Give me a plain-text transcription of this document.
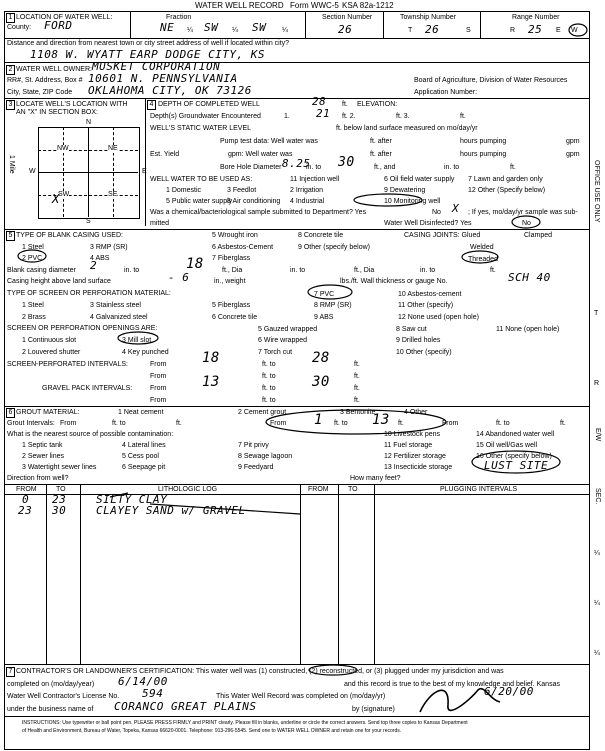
WATER WELL RECORD Form WWC-5 KSA 82a-1212
1 LOCATION OF WATER WELL:
County: FORD
Fraction
NE ¼ SW ¼ SW ¼
Section Number
26
Township Number
T 26	S
Range Number
R 25 E W
Distance and direction from nearest town or city street address of well if located within city?
1108 W. WYATT EARP DODGE CITY, KS
2 WATER WELL OWNER: MUSKET CORPORATION
RR#, St. Address, Box # 10601 N. PENNSYLVANIA	Board of Agriculture, Division of Water Resources
City, State, ZIP Code OKLAHOMA CITY, OK 73126	Application Number:
3 LOCATE WELL'S LOCATION WITH
AN "X" IN SECTION BOX:
N
S
W	E
1 Mile
NW	NE
SW	SE
X
4 DEPTH OF COMPLETED WELL	28 ft. ELEVATION:
Depth(s) Groundwater Encountered	1. 21 ft. 2.	ft. 3.	ft.
WELL'S STATIC WATER LEVEL	ft. below land surface measured on mo/day/yr
Pump test data: Well water was	ft. after	hours pumping	gpm
Est. Yield	gpm: Well water was	ft. after	hours pumping	gpm
Bore Hole Diameter 8.25
in. to 30	ft., and	in. to	ft.
WELL WATER TO BE USED AS:	11 Injection well	6 Oil field water supply 7 Lawn and garden only
1 Domestic	3 Feedlot	2 Irrigation	9 Dewatering	12 Other (Specify below)
5 Public water supply
8 Air conditioning 4 Industrial	10 Monitoring well
Was a chemical/bacteriological sample submitted to Department? Yes	No X ; If yes, mo/day/yr sample was sub-
mitted	Water Well Disinfected? Yes	No
5 TYPE OF BLANK CASING USED:
1 Steel	3 RMP (SR)
2 PVC	4 ABS
5 Wrought iron
6 Asbestos-Cement
7 Fiberglass
8 Concrete tile
9 Other (specify below)
CASING JOINTS: Glued	Clamped
Welded
Threaded
Blank casing diameter 2	in. to	18	ft., Dia	in. to	ft., Dia	in. to	ft.
Casing height above land surface	- 6	in., weight	lbs./ft. Wall thickness or gauge No.	SCH 40
TYPE OF SCREEN OR PERFORATION MATERIAL:
1 Steel	3 Stainless steel	5 Fiberglass
7 PVC	10 Asbestos-cement
2 Brass	4 Galvanized steel	6 Concrete tile
8 RMP (SR)	11 Other (specify)
9 ABS	12 None used (open hole)
SCREEN OR PERFORATION OPENINGS ARE:
1 Continuous slot	3 Mill slot
5 Gauzed wrapped	8 Saw cut	11 None (open hole)
2 Louvered shutter	4 Key punched
6 Wire wrapped	9 Drilled holes
7 Torch cut	10 Other (specify)
SCREEN-PERFORATED INTERVALS:	From	18	ft. to	28	ft.
From	ft. to	ft.
GRAVEL PACK INTERVALS:	From	13	ft. to	30	ft.
From	ft. to	ft.
6 GROUT MATERIAL:	1 Neat cement	2 Cement grout	3 Bentonite	4 Other
Grout Intervals: From	ft. to	ft.	From 1 ft. to 13 ft.	From	ft. to	ft.
What is the nearest source of possible contamination:	10 Livestock pens	14 Abandoned water well
1 Septic tank	4 Lateral lines	7 Pit privy	11 Fuel storage	15 Oil well/Gas well
2 Sewer lines	5 Cess pool	8 Sewage lagoon	12 Fertilizer storage	16 Other (specify below)
3 Watertight sewer lines	6 Seepage pit	9 Feedyard	13 Insecticide storage	LUST SITE
Direction from well?	How many feet?
FROM	TO	LITHOLOGIC LOG	FROM	TO	PLUGGING INTERVALS
0 23	SILTY CLAY
23 30	CLAYEY SAND w/ GRAVEL
7 CONTRACTOR'S OR LANDOWNER'S CERTIFICATION: This water well was (1) constructed, (2) reconstructed, or (3) plugged under my jurisdiction and was
completed on (mo/day/year) 6/14/00	and this record is true to the best of my knowledge and belief. Kansas
Water Well Contractor's License No. 594	This Water Well Record was completed on (mo/day/yr)	6/20/00
under the business name of CORANCO GREAT PLAINS	by (signature)
INSTRUCTIONS: Use typewriter or ball point pen. PLEASE PRESS FIRMLY and PRINT clearly. Please fill in blanks, underline or circle the correct answers. Send top three copies to Kansas Department
of Health and Environment, Bureau of Water, Topeka, Kansas 66620-0001. Telephone: 913-296-5545. Send one to WATER WELL OWNER and retain one for your records.
OFFICE USE ONLY
T
R
E/W
SEC.
¼
¼
¼
